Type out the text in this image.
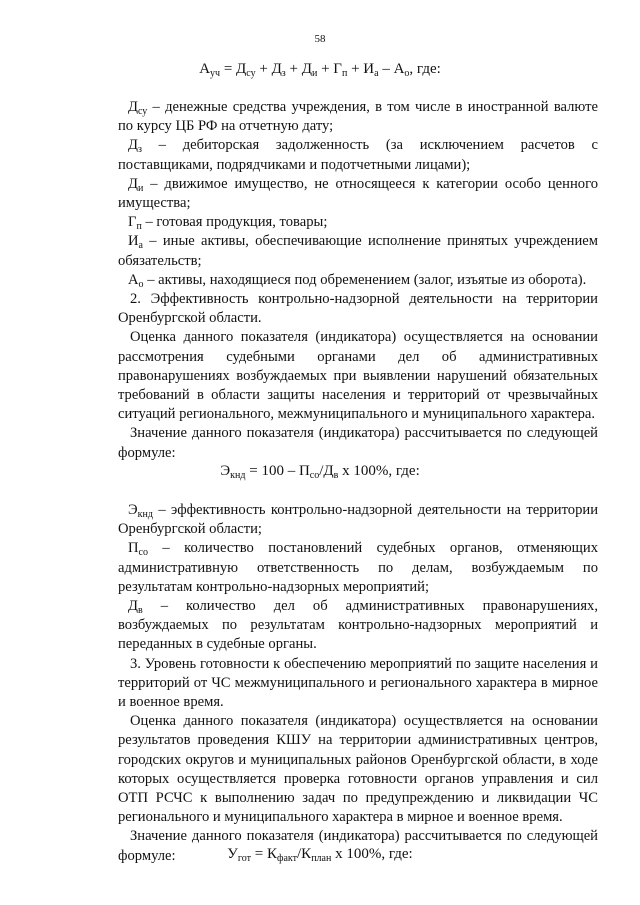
58
$А_{уч} = Д_{су} + Д_з + Д_и + Г_п + И_а - А_о$, где:

$Д_{су}$ – денежные средства учреждения, в том числе в иностранной валюте по курсу ЦБ РФ на отчетную дату;

$Д_з$ – дебиторская задолженность (за исключением расчетов с поставщиками, подрядчиками и подотчетными лицами);

$Д_и$ – движимое имущество, не относящееся к категории особо ценного имущества;

$Г_п$ – готовая продукция, товары;

$И_а$ – иные активы, обеспечивающие исполнение принятых учреждением обязательств;

$А_о$ – активы, находящиеся под обременением (залог, изъятые из оборота).

2. Эффективность контрольно-надзорной деятельности на территории Оренбургской области.

Оценка данного показателя (индикатора) осуществляется на основании рассмотрения судебными органами дел об административных правонарушениях возбуждаемых при выявлении нарушений обязательных требований в области защиты населения и территорий от чрезвычайных ситуаций регионального, межмуниципального и муниципального характера.

Значение данного показателя (индикатора) рассчитывается по следующей формуле:

$Э_{кнд} = 100 - П_{со}/Д_в$ х 100%, где:

$Э_{кнд}$ – эффективность контрольно-надзорной деятельности на территории Оренбургской области;

$П_{со}$ – количество постановлений судебных органов, отменяющих административную ответственность по делам, возбуждаемым по результатам контрольно-надзорных мероприятий;

$Д_в$ – количество дел об административных правонарушениях, возбуждаемых по результатам контрольно-надзорных мероприятий и переданных в судебные органы.

3. Уровень готовности к обеспечению мероприятий по защите населения и территорий от ЧС межмуниципального и регионального характера в мирное и военное время.

Оценка данного показателя (индикатора) осуществляется на основании результатов проведения КШУ на территории административных центров, городских округов и муниципальных районов Оренбургской области, в ходе которых осуществляется проверка готовности органов управления и сил ОТП РСЧС к выполнению задач по предупреждению и ликвидации ЧС регионального и муниципального характера в мирное и военное время.

Значение данного показателя (индикатора) рассчитывается по следующей формуле:	$У_{гот} = К_{факт}/К_{план}$ х 100%, где:
